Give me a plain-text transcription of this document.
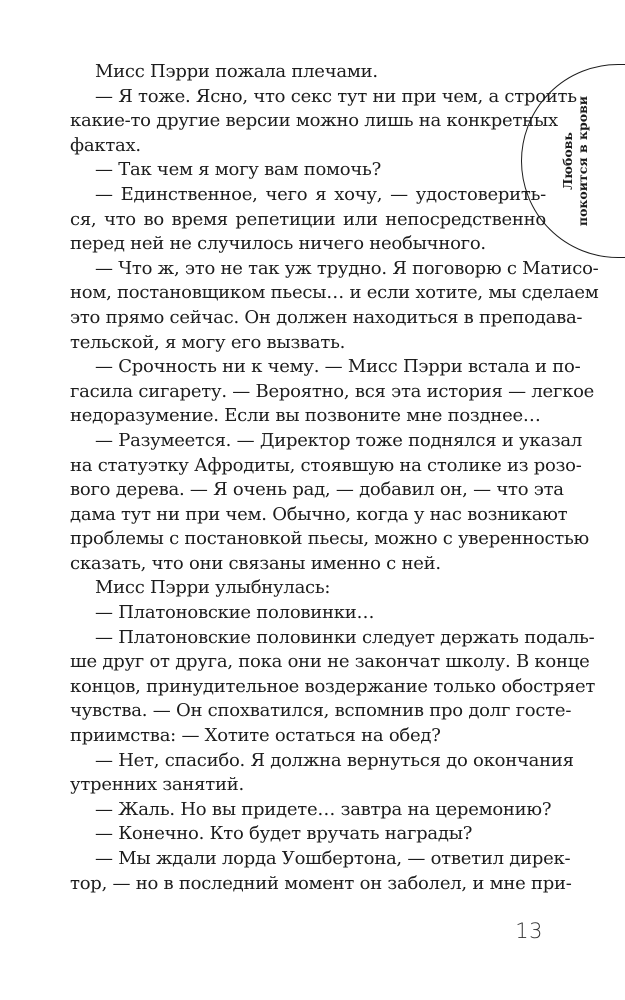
Любовь покоится в крови
Мисс Пэрри пожала плечами.
— Я тоже. Ясно, что секс тут ни при чем, а строить
какие-то другие версии можно лишь на конкретных
фактах.
— Так чем я могу вам помочь?
— Единственное, чего я хочу, — удостоверить-
ся, что во время репетиции или непосредственно
перед ней не случилось ничего необычного.
— Что ж, это не так уж трудно. Я поговорю с Матисо-
ном, постановщиком пьесы… и если хотите, мы сделаем
это прямо сейчас. Он должен находиться в преподава-
тельской, я могу его вызвать.
— Срочность ни к чему. — Мисс Пэрри встала и по-
гасила сигарету. — Вероятно, вся эта история — легкое
недоразумение. Если вы позвоните мне позднее…
— Разумеется. — Директор тоже поднялся и указал
на статуэтку Афродиты, стоявшую на столике из розо-
вого дерева. — Я очень рад, — добавил он, — что эта
дама тут ни при чем. Обычно, когда у нас возникают
проблемы с постановкой пьесы, можно с уверенностью
сказать, что они связаны именно с ней.
Мисс Пэрри улыбнулась:
— Платоновские половинки…
— Платоновские половинки следует держать подаль-
ше друг от друга, пока они не закончат школу. В конце
концов, принудительное воздержание только обостряет
чувства. — Он спохватился, вспомнив про долг госте-
приимства: — Хотите остаться на обед?
— Нет, спасибо. Я должна вернуться до окончания
утренних занятий.
— Жаль. Но вы придете… завтра на церемонию?
— Конечно. Кто будет вручать награды?
— Мы ждали лорда Уошбертона, — ответил дирек-
тор, — но в последний момент он заболел, и мне при-
13
